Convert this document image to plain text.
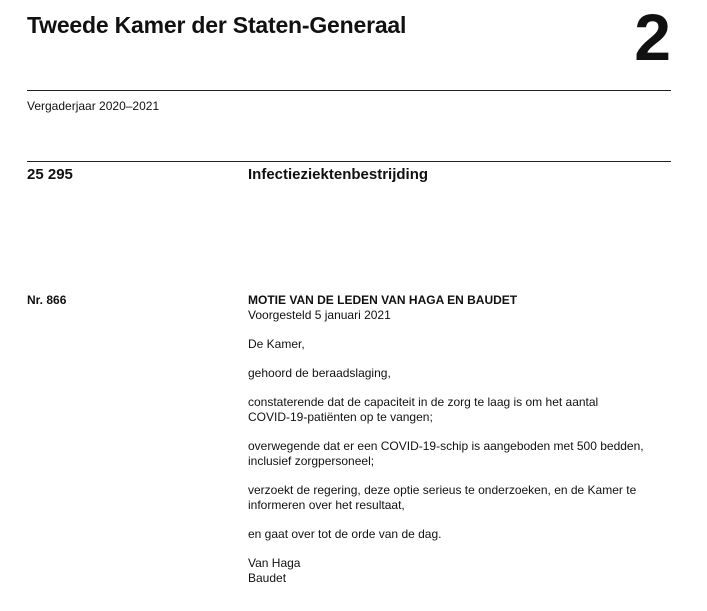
Tweede Kamer der Staten-Generaal	2
Vergaderjaar 2020–2021
25 295	Infectieziektenbestrijding
Nr. 866	MOTIE VAN DE LEDEN VAN HAGA EN BAUDET
Voorgesteld 5 januari 2021
De Kamer,
gehoord de beraadslaging,
constaterende dat de capaciteit in de zorg te laag is om het aantal
COVID-19-patiënten op te vangen;
overwegende dat er een COVID-19-schip is aangeboden met 500 bedden,
inclusief zorgpersoneel;
verzoekt de regering, deze optie serieus te onderzoeken, en de Kamer te
informeren over het resultaat,
en gaat over tot de orde van de dag.
Van Haga
Baudet
